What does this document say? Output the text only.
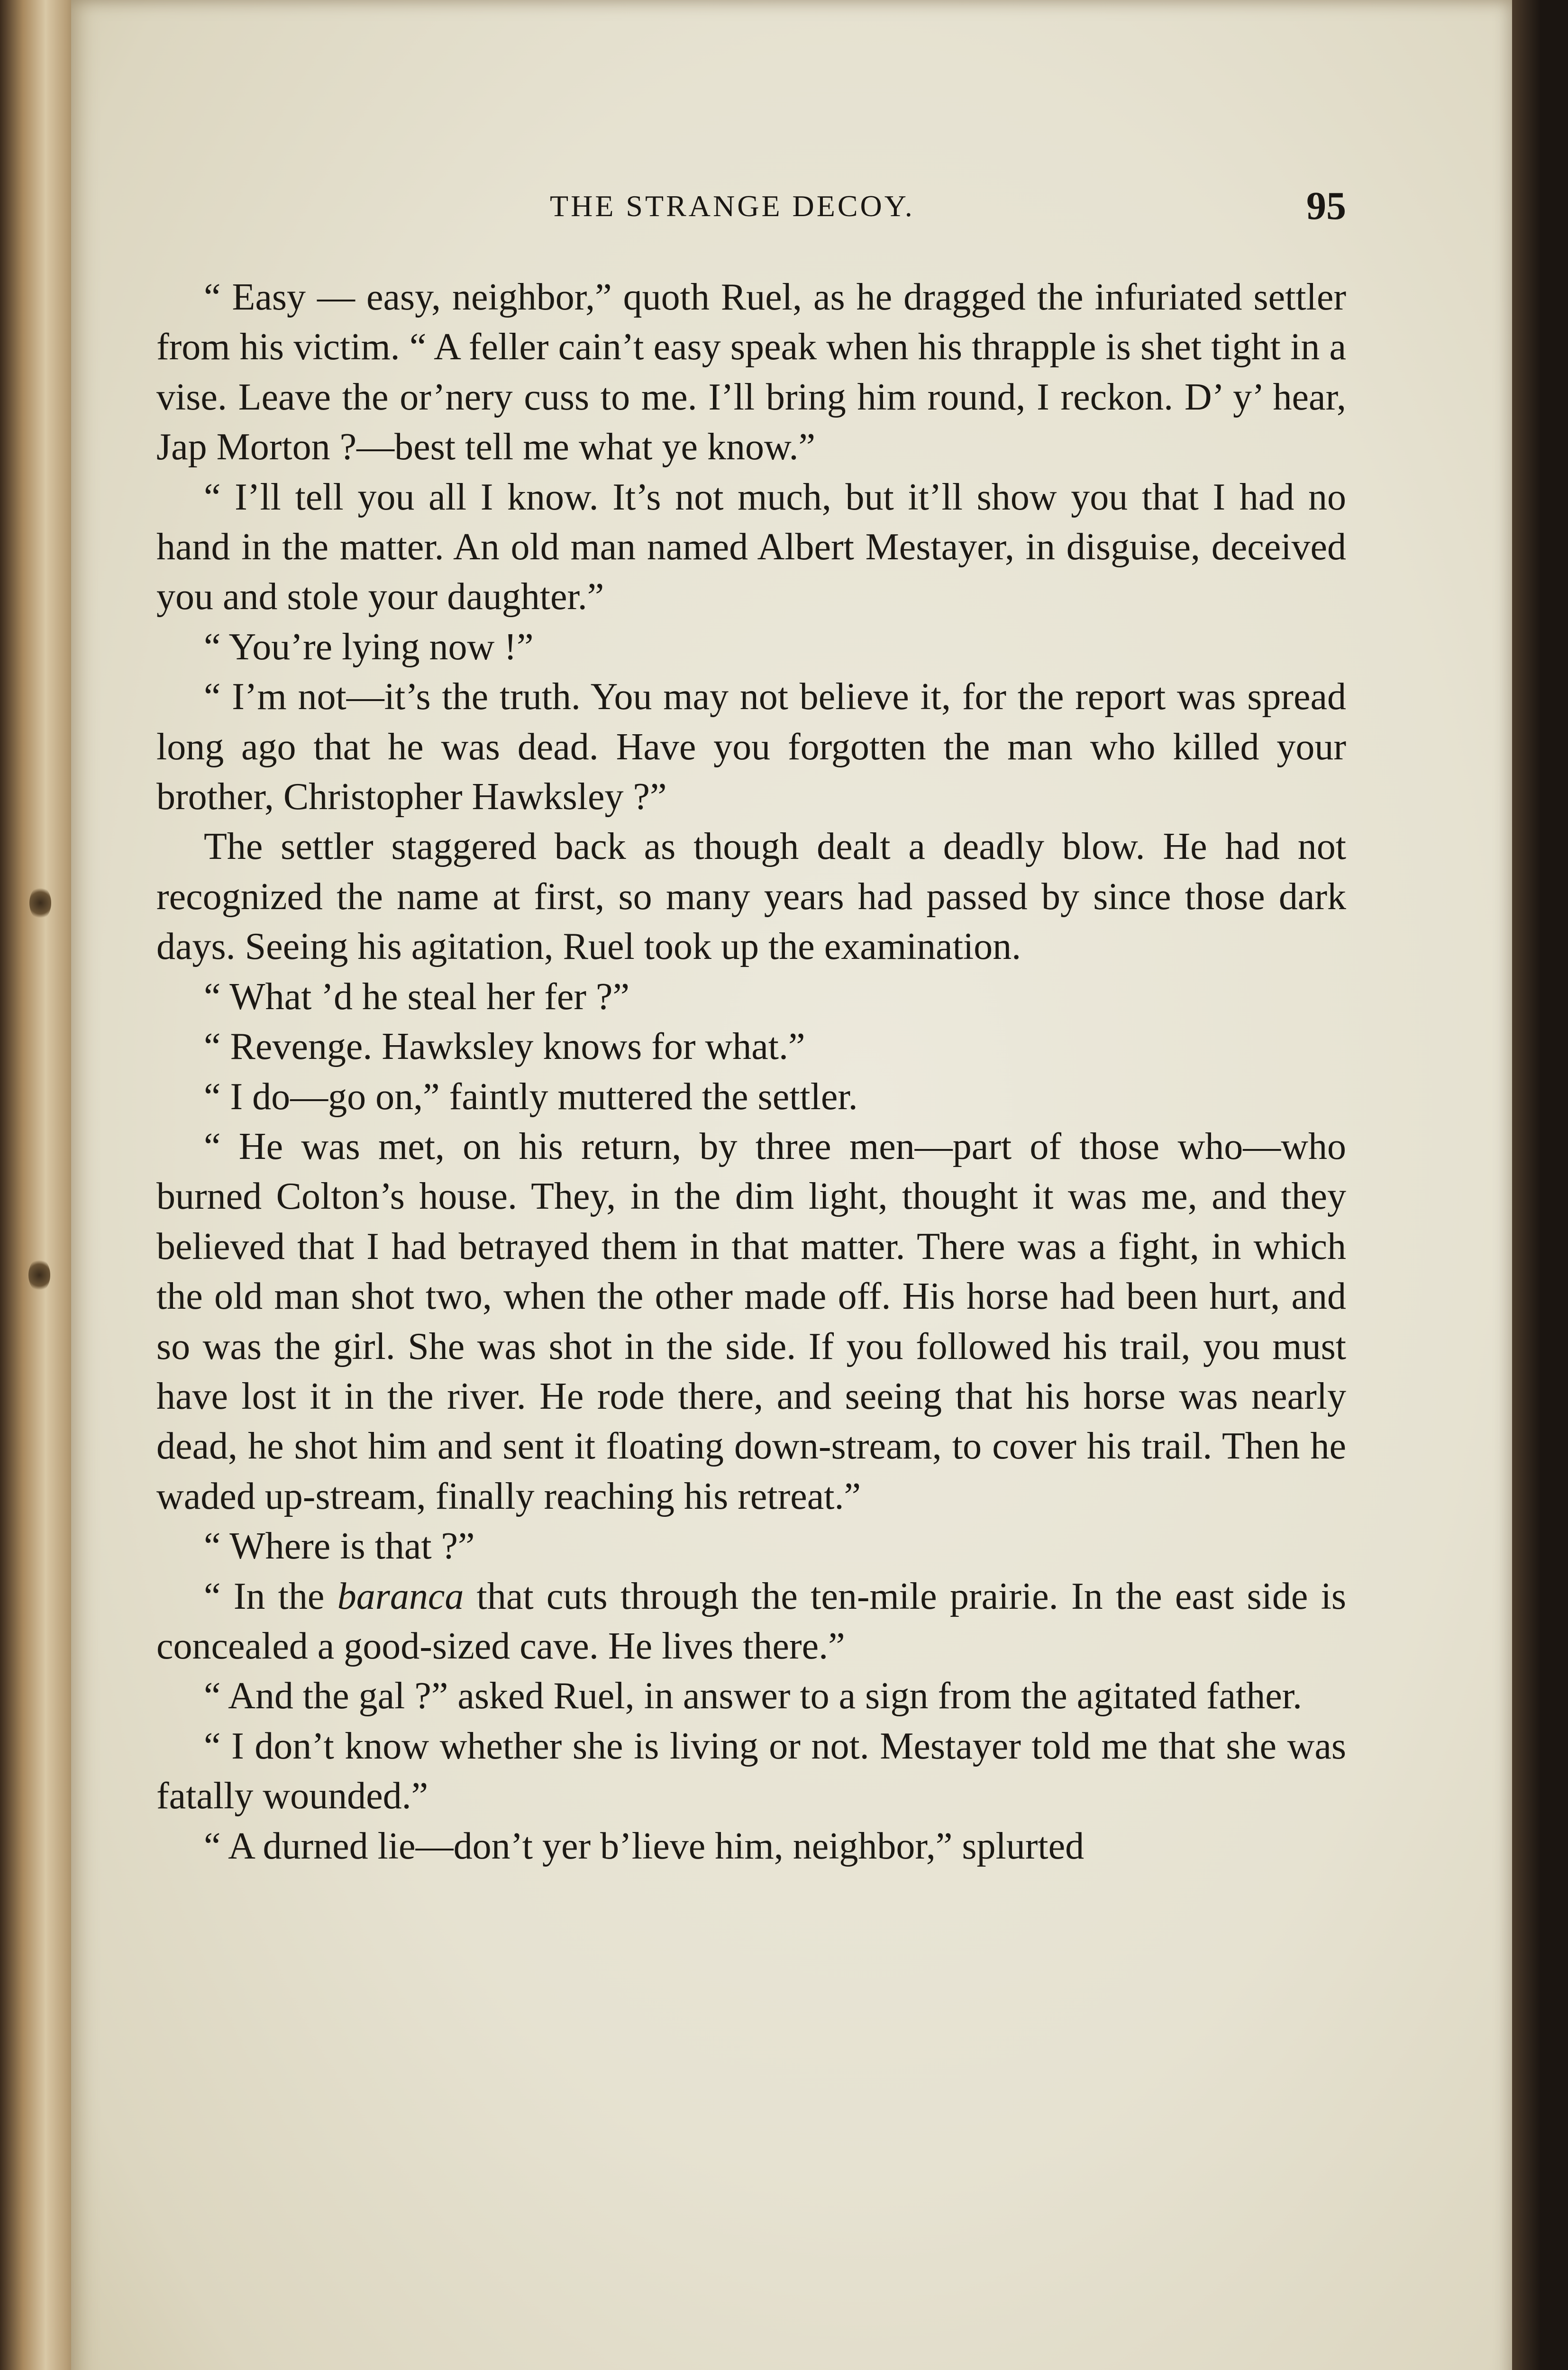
THE STRANGE DECOY.	95

“ Easy — easy, neighbor,” quoth Ruel, as he dragged the infuriated settler from his victim. “ A feller cain’t easy speak when his thrapple is shet tight in a vise. Leave the or’nery cuss to me. I’ll bring him round, I reckon. D’ y’ hear, Jap Morton ?—best tell me what ye know.”

“ I’ll tell you all I know. It’s not much, but it’ll show you that I had no hand in the matter. An old man named Albert Mestayer, in disguise, deceived you and stole your daughter.”

“ You’re lying now !”

“ I’m not—it’s the truth. You may not believe it, for the report was spread long ago that he was dead. Have you forgotten the man who killed your brother, Christopher Hawksley ?”

The settler staggered back as though dealt a deadly blow. He had not recognized the name at first, so many years had passed by since those dark days. Seeing his agitation, Ruel took up the examination.

“ What ’d he steal her fer ?”

“ Revenge. Hawksley knows for what.”

“ I do—go on,” faintly muttered the settler.

“ He was met, on his return, by three men—part of those who—who burned Colton’s house. They, in the dim light, thought it was me, and they believed that I had betrayed them in that matter. There was a fight, in which the old man shot two, when the other made off. His horse had been hurt, and so was the girl. She was shot in the side. If you followed his trail, you must have lost it in the river. He rode there, and seeing that his horse was nearly dead, he shot him and sent it floating down-stream, to cover his trail. Then he waded up-stream, finally reaching his retreat.”

“ Where is that ?”

“ In the baranca that cuts through the ten-mile prairie. In the east side is concealed a good-sized cave. He lives there.”

“ And the gal ?” asked Ruel, in answer to a sign from the agitated father.

“ I don’t know whether she is living or not. Mestayer told me that she was fatally wounded.”

“ A durned lie—don’t yer b’lieve him, neighbor,” splurted
